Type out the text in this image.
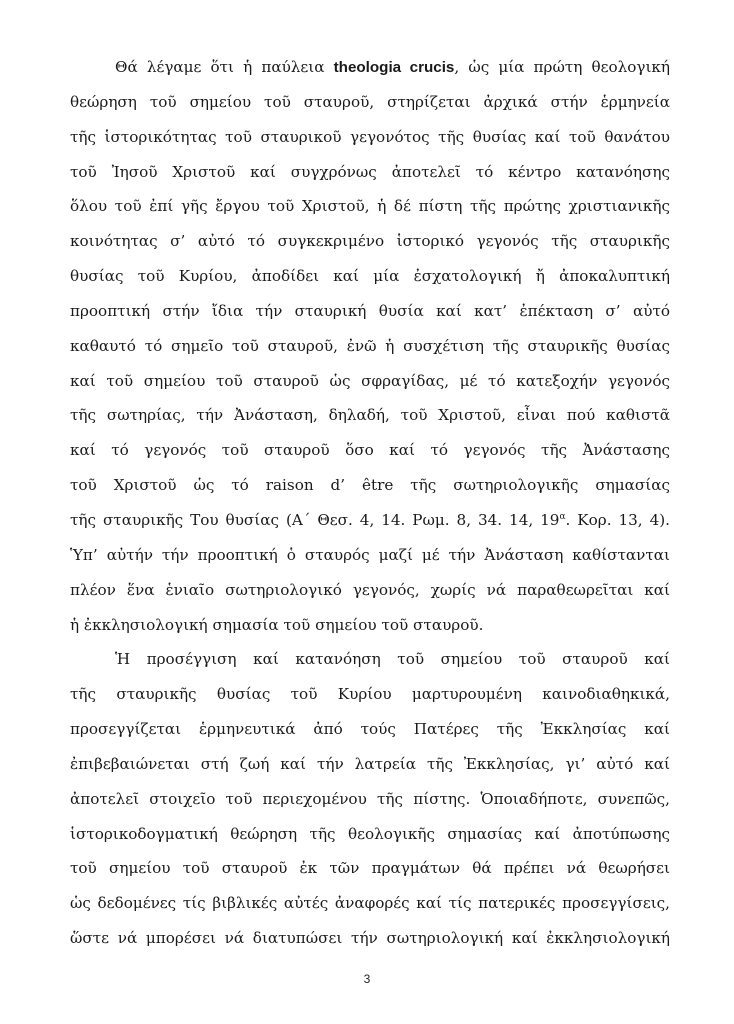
Θά λέγαμε ὅτι ἡ παύλεια theologia crucis, ὡς μία πρώτη θεολογική
θεώρηση τοῦ σημείου τοῦ σταυροῦ, στηρίζεται ἀρχικά στήν ἑρμηνεία
τῆς ἱστορικότητας τοῦ σταυρικοῦ γεγονότος τῆς θυσίας καί τοῦ θανάτου
τοῦ Ἰησοῦ Χριστοῦ καί συγχρόνως ἀποτελεῖ τό κέντρο κατανόησης
ὅλου τοῦ ἐπί γῆς ἔργου τοῦ Χριστοῦ, ἡ δέ πίστη τῆς πρώτης χριστιανικῆς
κοινότητας σ’ αὐτό τό συγκεκριμένο ἱστορικό γεγονός τῆς σταυρικῆς
θυσίας τοῦ Κυρίου, ἀποδίδει καί μία ἐσχατολογική ἤ ἀποκαλυπτική
προοπτική στήν ἴδια τήν σταυρική θυσία καί κατ’ ἐπέκταση σ’ αὐτό
καθαυτό τό σημεῖο τοῦ σταυροῦ, ἐνῶ ἡ συσχέτιση τῆς σταυρικῆς θυσίας
καί τοῦ σημείου τοῦ σταυροῦ ὡς σφραγίδας, μέ τό κατεξοχήν γεγονός
τῆς σωτηρίας, τήν Ἀνάσταση, δηλαδή, τοῦ Χριστοῦ, εἶναι πού καθιστᾶ
καί τό γεγονός τοῦ σταυροῦ ὅσο καί τό γεγονός τῆς Ἀνάστασης
τοῦ Χριστοῦ ὡς τό raison d’ être τῆς σωτηριολογικῆς σημασίας
τῆς σταυρικῆς Του θυσίας (Α΄ Θεσ. 4, 14. Ρωμ. 8, 34. 14, $19^\alpha$. Κορ. 13, 4).
Ὑπ’ αὐτήν τήν προοπτική ὁ σταυρός μαζί μέ τήν Ἀνάσταση καθίστανται
πλέον ἕνα ἑνιαῖο σωτηριολογικό γεγονός, χωρίς νά παραθεωρεῖται καί
ἡ ἐκκλησιολογική σημασία τοῦ σημείου τοῦ σταυροῦ.
Ἡ προσέγγιση καί κατανόηση τοῦ σημείου τοῦ σταυροῦ καί
τῆς σταυρικῆς θυσίας τοῦ Κυρίου μαρτυρουμένη καινοδιαθηκικά,
προσεγγίζεται ἑρμηνευτικά ἀπό τούς Πατέρες τῆς Ἐκκλησίας καί
ἐπιβεβαιώνεται στή ζωή καί τήν λατρεία τῆς Ἐκκλησίας, γι’ αὐτό καί
ἀποτελεῖ στοιχεῖο τοῦ περιεχομένου τῆς πίστης. Ὁποιαδήποτε, συνεπῶς,
ἱστορικοδογματική θεώρηση τῆς θεολογικῆς σημασίας καί ἀποτύπωσης
τοῦ σημείου τοῦ σταυροῦ ἐκ τῶν πραγμάτων θά πρέπει νά θεωρήσει
ὡς δεδομένες τίς βιβλικές αὐτές ἀναφορές καί τίς πατερικές προσεγγίσεις,
ὥστε νά μπορέσει νά διατυπώσει τήν σωτηριολογική καί ἐκκλησιολογική
3
